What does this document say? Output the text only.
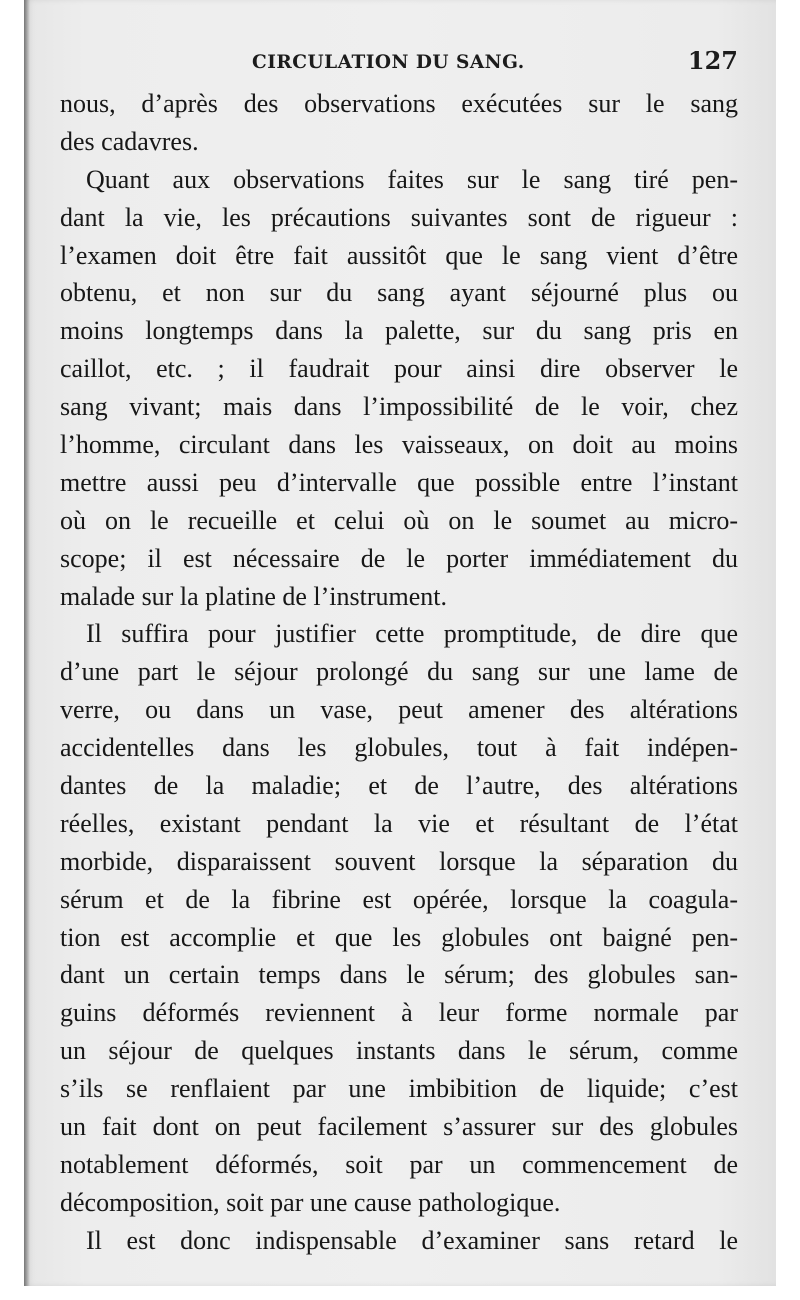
CIRCULATION DU SANG.	127
nous, d’après des observations exécutées sur le sang
des cadavres.
Quant aux observations faites sur le sang tiré pen-
dant la vie, les précautions suivantes sont de rigueur :
l’examen doit être fait aussitôt que le sang vient d’être
obtenu, et non sur du sang ayant séjourné plus ou
moins longtemps dans la palette, sur du sang pris en
caillot, etc. ; il faudrait pour ainsi dire observer le
sang vivant; mais dans l’impossibilité de le voir, chez
l’homme, circulant dans les vaisseaux, on doit au moins
mettre aussi peu d’intervalle que possible entre l’instant
où on le recueille et celui où on le soumet au micro-
scope; il est nécessaire de le porter immédiatement du
malade sur la platine de l’instrument.
Il suffira pour justifier cette promptitude, de dire que
d’une part le séjour prolongé du sang sur une lame de
verre, ou dans un vase, peut amener des altérations
accidentelles dans les globules, tout à fait indépen-
dantes de la maladie; et de l’autre, des altérations
réelles, existant pendant la vie et résultant de l’état
morbide, disparaissent souvent lorsque la séparation du
sérum et de la fibrine est opérée, lorsque la coagula-
tion est accomplie et que les globules ont baigné pen-
dant un certain temps dans le sérum; des globules san-
guins déformés reviennent à leur forme normale par
un séjour de quelques instants dans le sérum, comme
s’ils se renflaient par une imbibition de liquide; c’est
un fait dont on peut facilement s’assurer sur des globules
notablement déformés, soit par un commencement de
décomposition, soit par une cause pathologique.
Il est donc indispensable d’examiner sans retard le
